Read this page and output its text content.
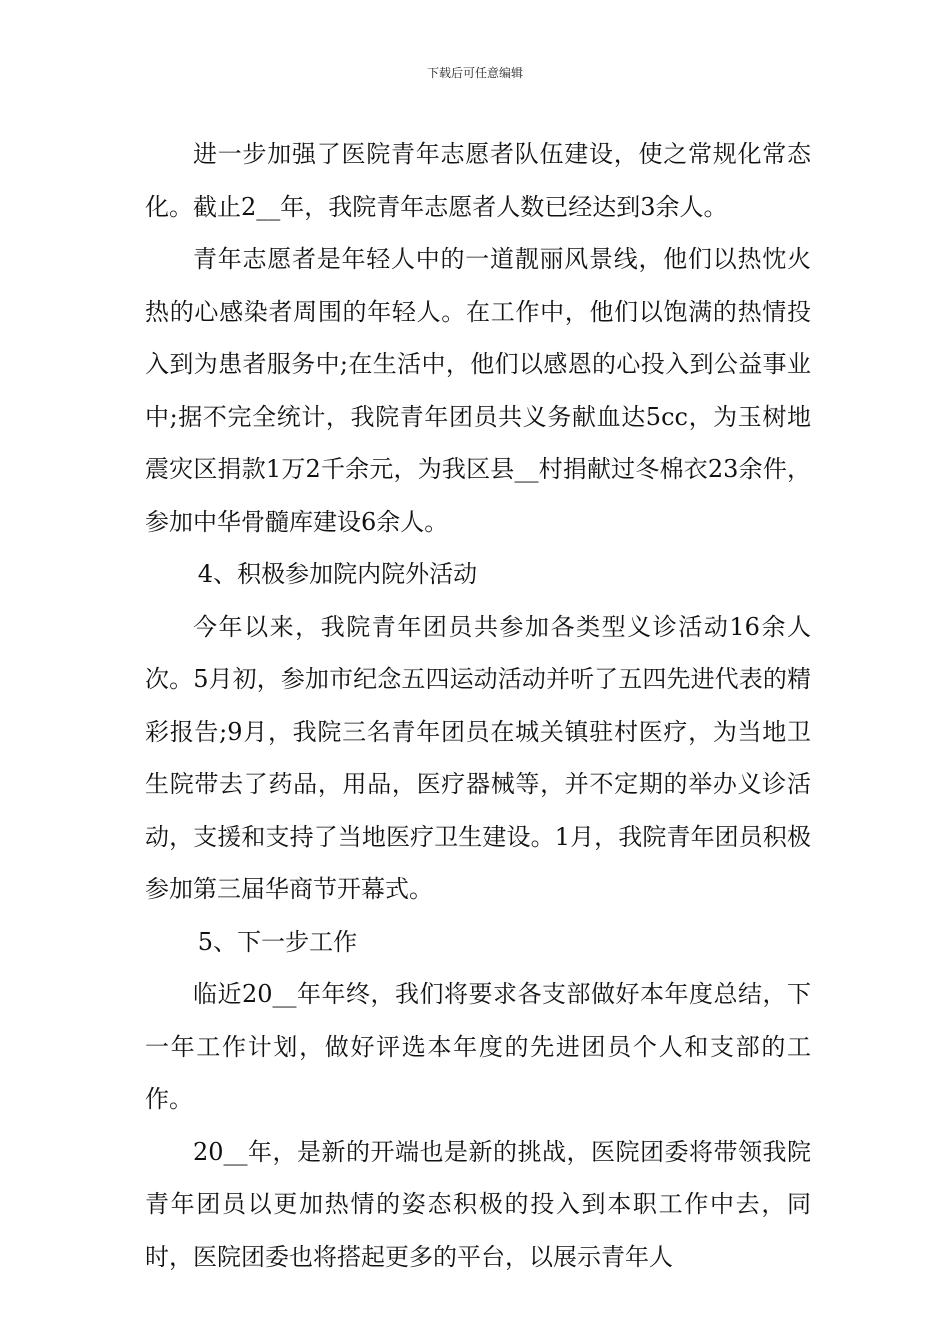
下载后可任意编辑

进一步加强了医院青年志愿者队伍建设，使之常规化常态化。截止2__年，我院青年志愿者人数已经达到3余人。

青年志愿者是年轻人中的一道靓丽风景线，他们以热忱火热的心感染者周围的年轻人。在工作中，他们以饱满的热情投入到为患者服务中;在生活中，他们以感恩的心投入到公益事业中;据不完全统计，我院青年团员共义务献血达5cc，为玉树地震灾区捐款1万2千余元，为我区县__村捐献过冬棉衣23余件，参加中华骨髓库建设6余人。

4、积极参加院内院外活动

今年以来，我院青年团员共参加各类型义诊活动16余人次。5月初，参加市纪念五四运动活动并听了五四先进代表的精彩报告;9月，我院三名青年团员在城关镇驻村医疗，为当地卫生院带去了药品，用品，医疗器械等，并不定期的举办义诊活动，支援和支持了当地医疗卫生建设。1月，我院青年团员积极参加第三届华商节开幕式。

5、下一步工作

临近20__年年终，我们将要求各支部做好本年度总结，下一年工作计划，做好评选本年度的先进团员个人和支部的工作。

20__年，是新的开端也是新的挑战，医院团委将带领我院青年团员以更加热情的姿态积极的投入到本职工作中去，同时，医院团委也将搭起更多的平台，以展示青年人
